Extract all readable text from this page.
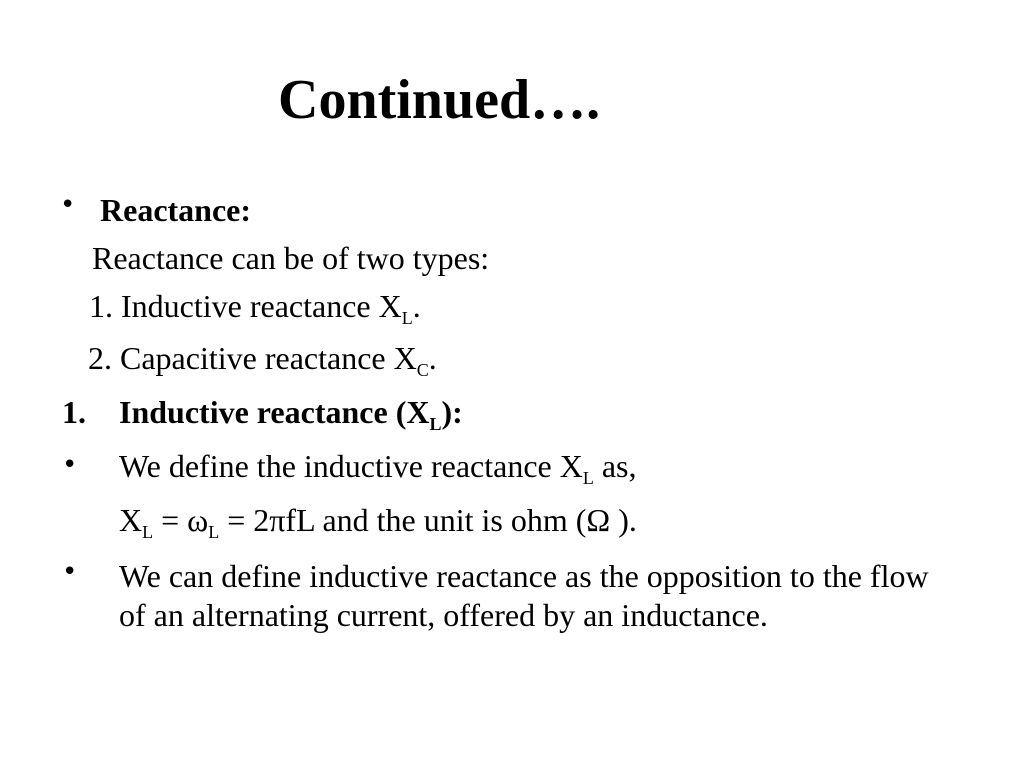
Continued….
• Reactance:
Reactance can be of two types:
1. Inductive reactance $X_L$.
2. Capacitive reactance $X_C$.
1. Inductive reactance $(X_L)$:
• We define the inductive reactance $X_L$ as,
$X_L = \omega_L = 2\pi fL$ and the unit is ohm (Ω ).
• We can define inductive reactance as the opposition to the flow of an alternating current, offered by an inductance.
